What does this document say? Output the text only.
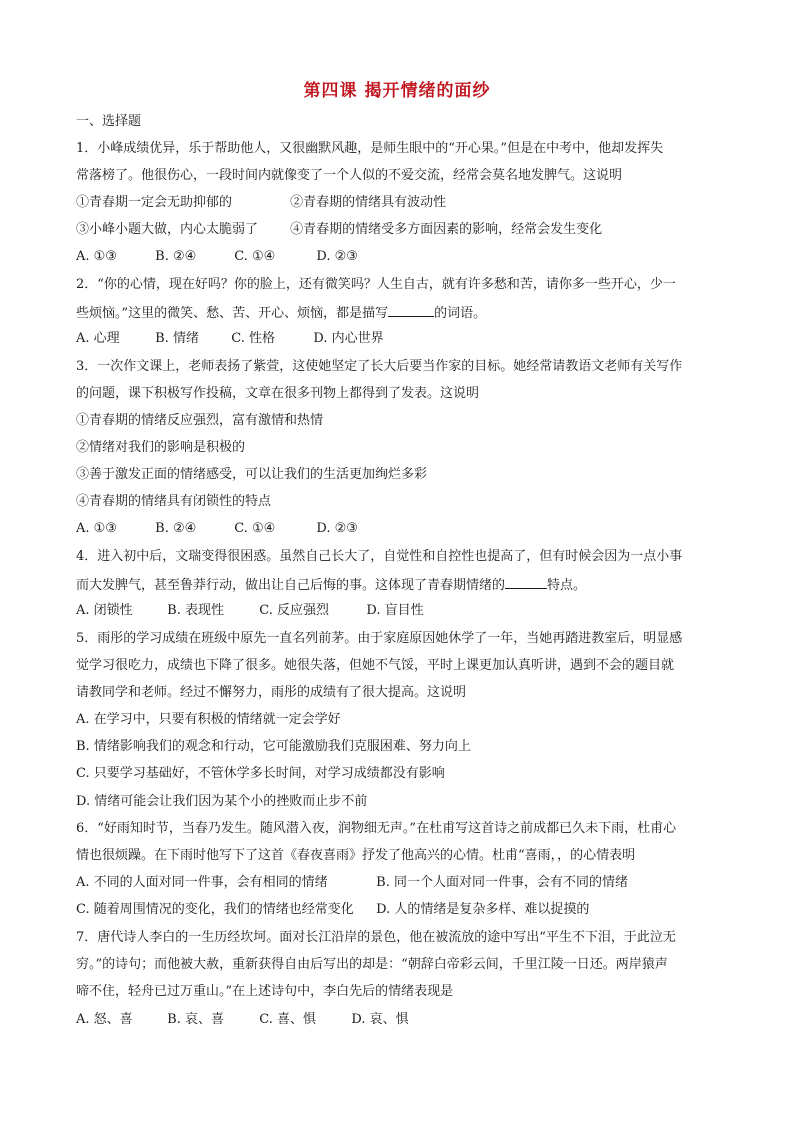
第四课 揭开情绪的面纱
一、选择题
1．小峰成绩优异，乐于帮助他人，又很幽默风趣，是师生眼中的“开心果。”但是在中考中，他却发挥失
常落榜了。他很伤心，一段时间内就像变了一个人似的不爱交流，经常会莫名地发脾气。这说明
①青春期一定会无助抑郁的	②青春期的情绪具有波动性
③小峰小题大做，内心太脆弱了 ④青春期的情绪受多方面因素的影响，经常会发生变化
A. ①③	B. ②④	C. ①④	D. ②③
2．“你的心情，现在好吗？你的脸上，还有微笑吗？人生自古，就有许多愁和苦，请你多一些开心，少一
些烦恼。”这里的微笑、愁、苦、开心、烦恼，都是描写	的词语。
A. 心理	B. 情绪 C. 性格	D. 内心世界
3．一次作文课上，老师表扬了紫萱，这使她坚定了长大后要当作家的目标。她经常请教语文老师有关写作
的问题，课下积极写作投稿，文章在很多刊物上都得到了发表。这说明
①青春期的情绪反应强烈，富有激情和热情
②情绪对我们的影响是积极的
③善于激发正面的情绪感受，可以让我们的生活更加绚烂多彩
④青春期的情绪具有闭锁性的特点
A. ①③	B. ②④	C. ①④	D. ②③
4．进入初中后，文瑞变得很困惑。虽然自己长大了，自觉性和自控性也提高了，但有时候会因为一点小事
而大发脾气，甚至鲁莽行动，做出让自己后悔的事。这体现了青春期情绪的	特点。
A. 闭锁性	B. 表现性	C. 反应强烈	D. 盲目性
5．雨彤的学习成绩在班级中原先一直名列前茅。由于家庭原因她休学了一年，当她再踏进教室后，明显感
觉学习很吃力，成绩也下降了很多。她很失落，但她不气馁，平时上课更加认真听讲，遇到不会的题目就
请教同学和老师。经过不懈努力，雨彤的成绩有了很大提高。这说明
A. 在学习中，只要有积极的情绪就一定会学好
B. 情绪影响我们的观念和行动，它可能激励我们克服困难、努力向上
C. 只要学习基础好，不管休学多长时间，对学习成绩都没有影响
D. 情绪可能会让我们因为某个小的挫败而止步不前
6．“好雨知时节，当春乃发生。随风潜入夜，润物细无声。”在杜甫写这首诗之前成都已久未下雨，杜甫心
情也很烦躁。在下雨时他写下了这首《春夜喜雨》抒发了他高兴的心情。杜甫“喜雨，，的心情表明
A. 不同的人面对同一件事，会有相同的情绪	B. 同一个人面对同一件事，会有不同的情绪
C. 随着周围情况的变化，我们的情绪也经常变化 D. 人的情绪是复杂多样、难以捉摸的
7．唐代诗人李白的一生历经坎坷。面对长江沿岸的景色，他在被流放的途中写出“平生不下泪，于此泣无
穷。”的诗句；而他被大赦，重新获得自由后写出的却是：“朝辞白帝彩云间，千里江陵一日还。两岸猿声
啼不住，轻舟已过万重山。”在上述诗句中，李白先后的情绪表现是
A. 怒、喜	B. 哀、喜	C. 喜、惧	D. 哀、惧
